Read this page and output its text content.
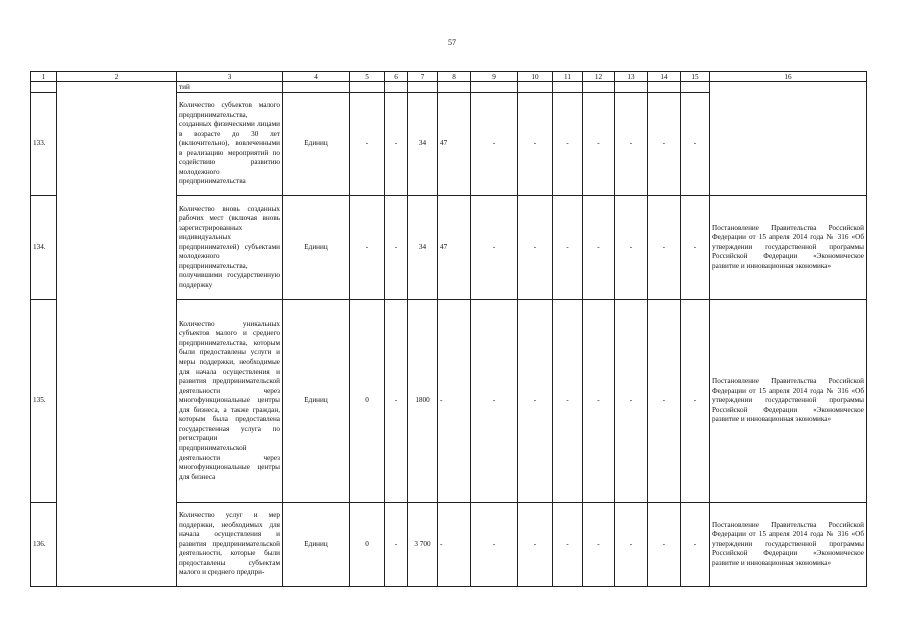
57
1	2	3	4	5	6	7	8	9	10	11	12	13	14	15	16
		тий													
133.		Количество субъектов малого предпринимательства, созданных физическими лицами в возрасте до 30 лет (включительно), вовлеченными в реализацию мероприятий по содействию развитию молодежного предпринимательства	Единиц	-	-	34	47	-	-	-	-	-	-	-	
134.		Количество вновь созданных рабочих мест (включая вновь зарегистрированных индивидуальных предпринимателей) субъектами молодежного предпринимательства, получившими государственную поддержку	Единиц	-	-	34	47	-	-	-	-	-	-	-	Постановление Правительства Российской Федерации от 15 апреля 2014 года № 316 «Об утверждении государственной программы Российской Федерации «Экономическое развитие и инновационная экономика»
135.		Количество уникальных субъектов малого и среднего предпринимательства, которым были предоставлены услуги и меры поддержки, необходимые для начала осуществления и развития предпринимательской деятельности через многофункциональные центры для бизнеса, а также граждан, которым была предоставлена государственная услуга по регистрации предпринимательской деятельности через многофункциональные центры для бизнеса	Единиц	0	-	1800	-	-	-	-	-	-	-	-	Постановление Правительства Российской Федерации от 15 апреля 2014 года № 316 «Об утверждении государственной программы Российской Федерации «Экономическое развитие и инновационная экономика»
136.		Количество услуг и мер поддержки, необходимых для начала осуществления и развития предпринимательской деятельности, которые были предоставлены субъектам малого и среднего предпри-	Единиц	0	-	3 700	-	-	-	-	-	-	-	-	Постановление Правительства Российской Федерации от 15 апреля 2014 года № 316 «Об утверждении государственной программы Российской Федерации «Экономическое развитие и инновационная экономика»
